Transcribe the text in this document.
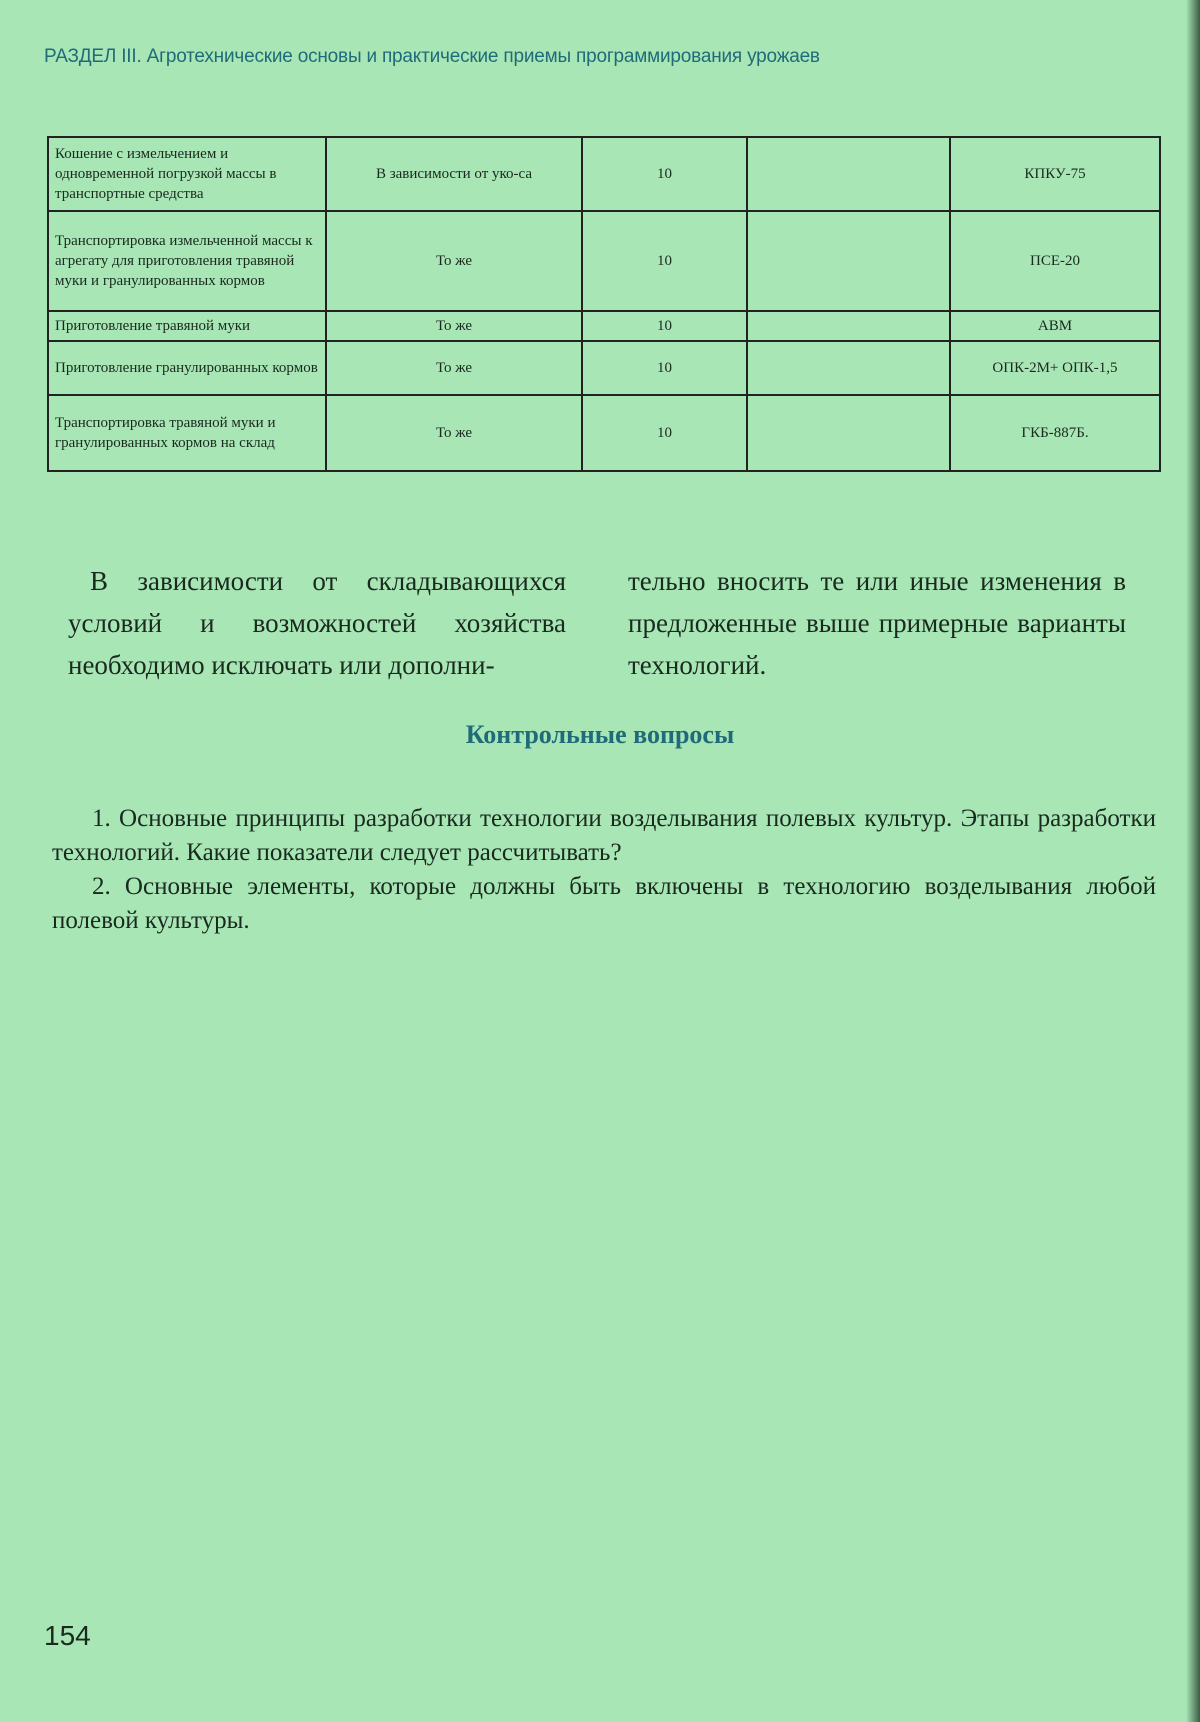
РАЗДЕЛ III. Агротехнические основы и практические приемы программирования урожаев
Кошение с измельчением и одновременной погрузкой массы в транспортные средства	В зависимости от уко-са	10		КПКУ-75
Транспортировка измельченной массы к агрегату для приготовления травяной муки и гранулированных кормов	То же	10		ПСЕ-20
Приготовление травяной муки	То же	10		АВМ
Приготовление гранулированных кормов	То же	10		ОПК-2М+ ОПК-1,5
Транспортировка травяной муки и гранулированных кормов на склад	То же	10		ГКБ-887Б.

В зависимости от складывающихся условий и возможностей хозяйства необходимо исключать или дополни-

тельно вносить те или иные изменения в предложенные выше примерные варианты технологий.

Контрольные вопросы

1. Основные принципы разработки технологии возделывания полевых культур. Этапы разработки технологий. Какие показатели следует рассчитывать?

2. Основные элементы, которые должны быть включены в технологию возделывания любой полевой культуры.

154
